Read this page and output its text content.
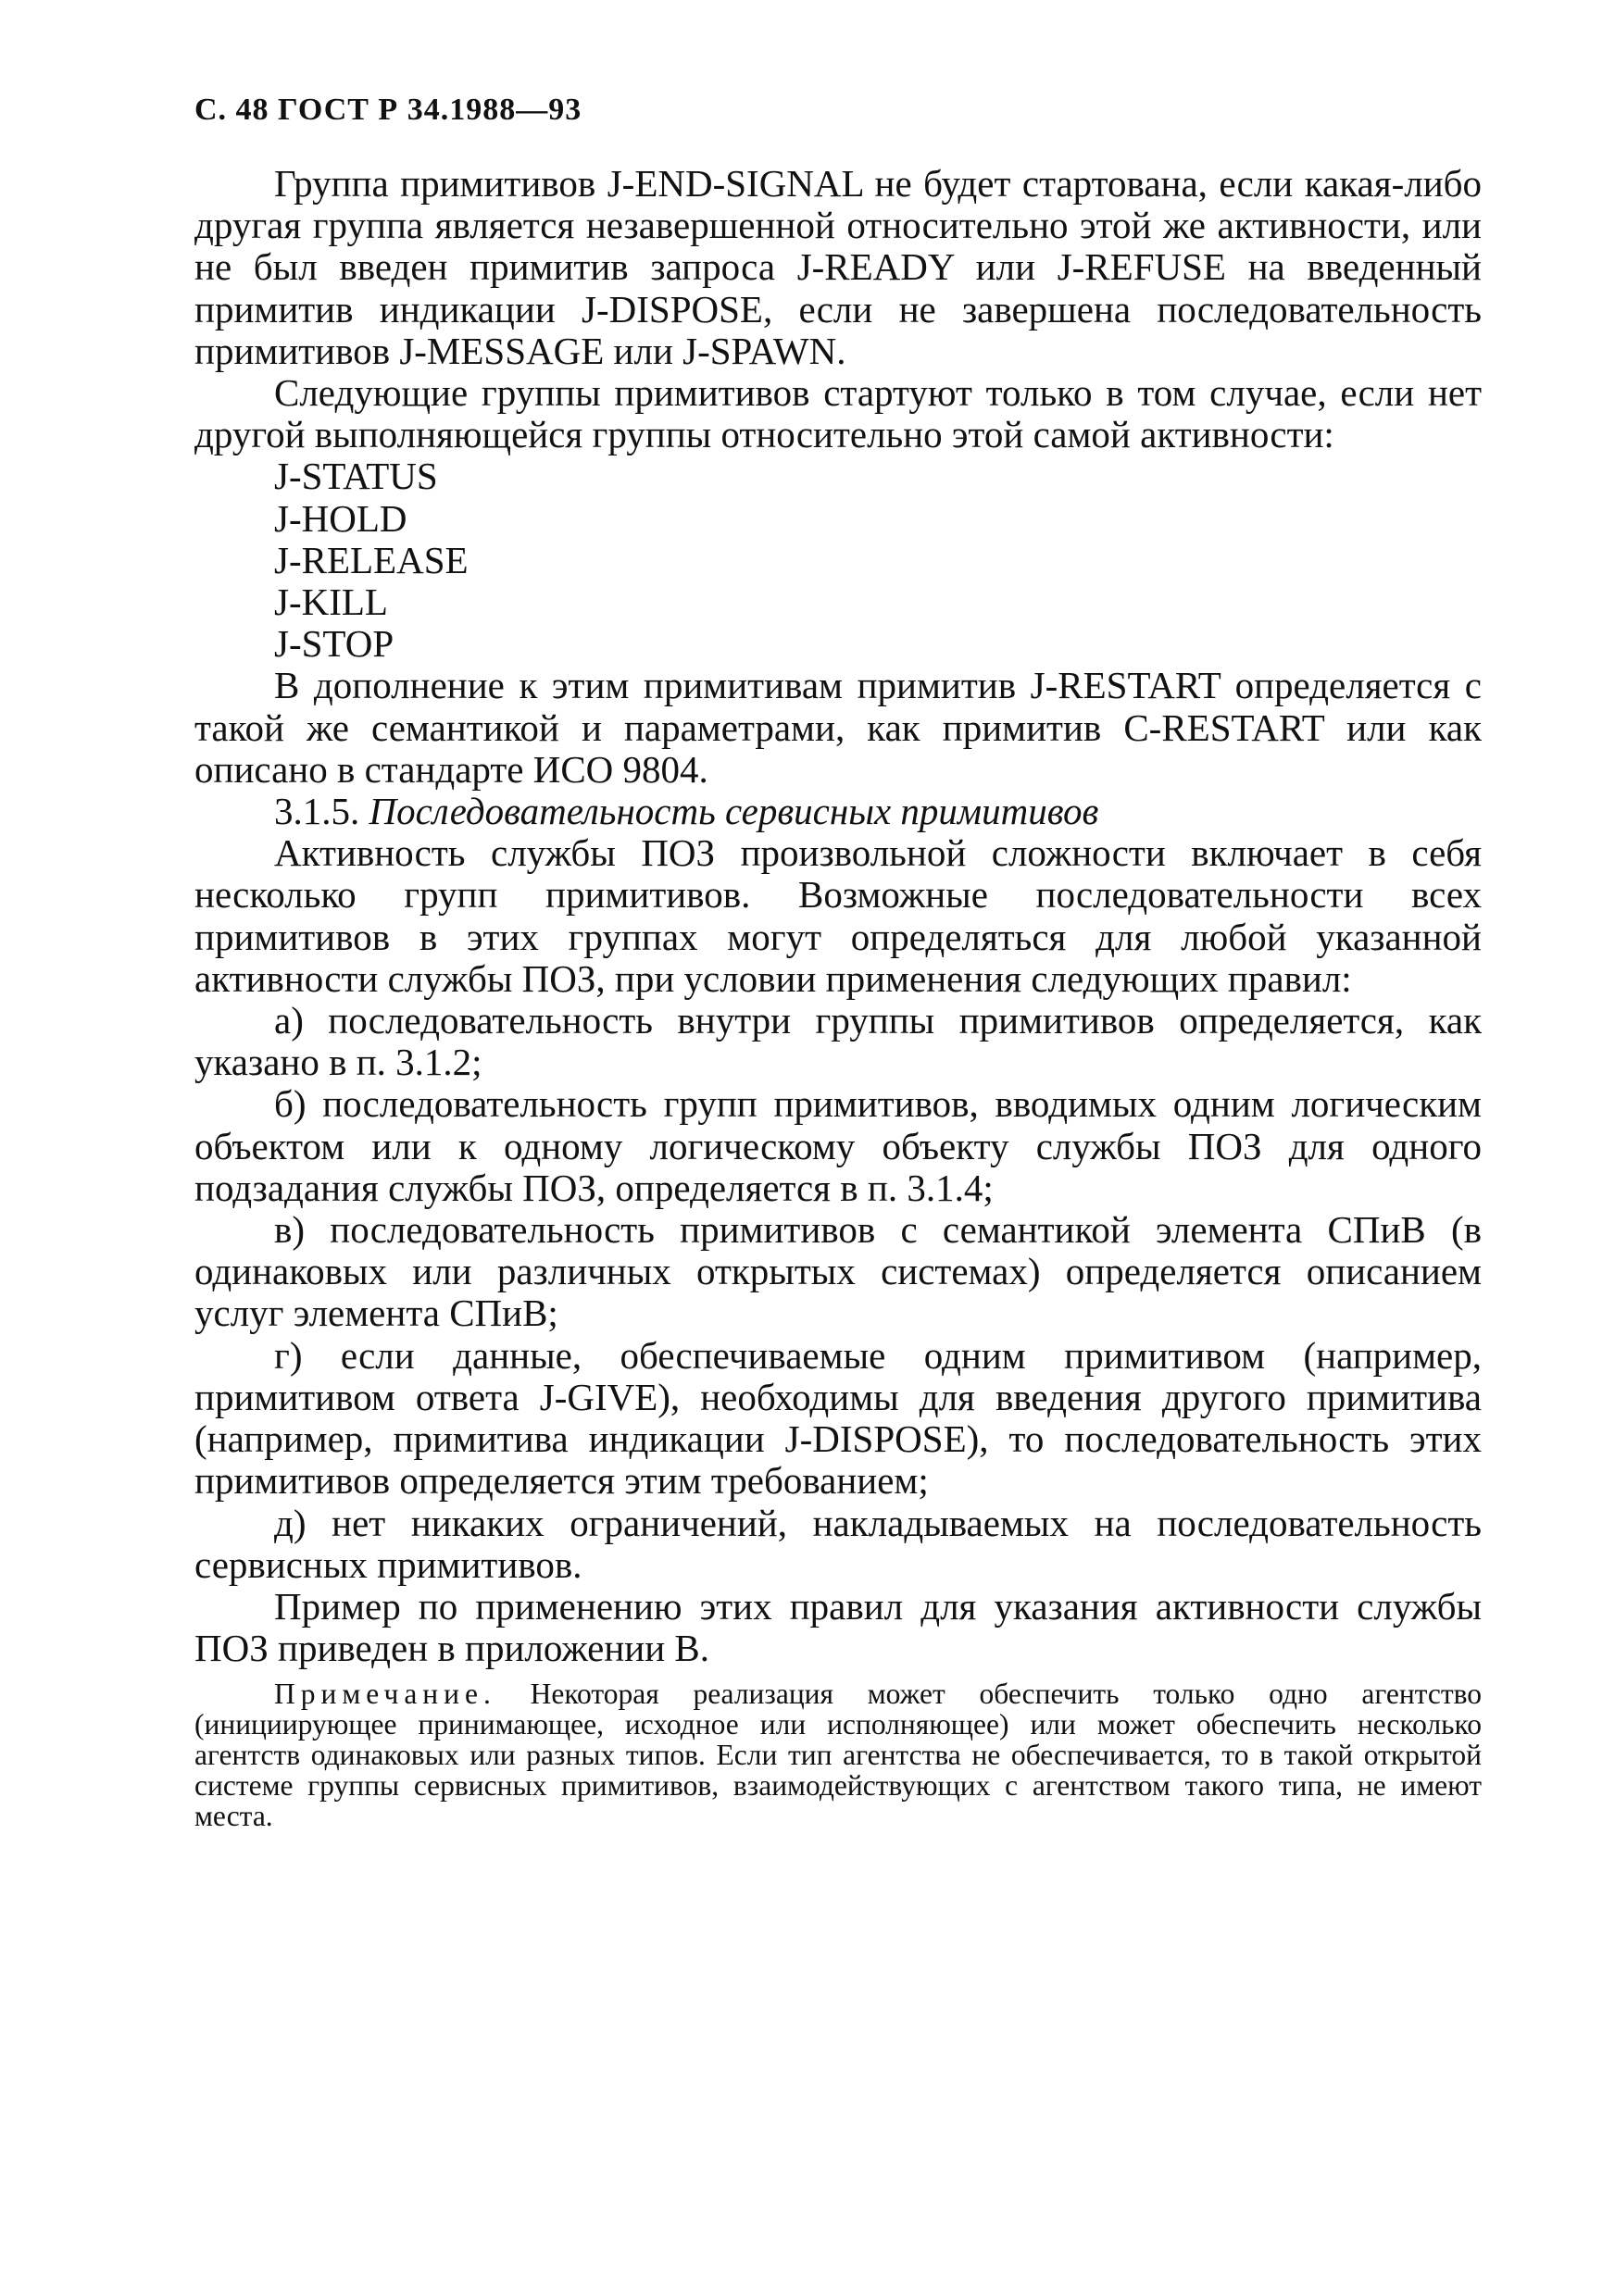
С. 48 ГОСТ Р 34.1988—93

Группа примитивов J-END-SIGNAL не будет стартована, если какая-либо другая группа является незавершенной относительно этой же активности, или не был введен примитив запроса J-READY или J-REFUSE на введенный примитив индикации J-DISPOSE, если не завершена последовательность примитивов J-MESSAGE или J-SPAWN.

Следующие группы примитивов стартуют только в том случае, если нет другой выполняющейся группы относительно этой самой активности:

J-STATUS

J-HOLD

J-RELEASE

J-KILL

J-STOP

В дополнение к этим примитивам примитив J-RESTART определяется с такой же семантикой и параметрами, как примитив C-RESTART или как описано в стандарте ИСО 9804.

3.1.5. Последовательность сервисных примитивов

Активность службы ПОЗ произвольной сложности включает в себя несколько групп примитивов. Возможные последовательности всех примитивов в этих группах могут определяться для любой указанной активности службы ПОЗ, при условии применения следующих правил:

а) последовательность внутри группы примитивов определяется, как указано в п. 3.1.2;

б) последовательность групп примитивов, вводимых одним логическим объектом или к одному логическому объекту службы ПОЗ для одного подзадания службы ПОЗ, определяется в п. 3.1.4;

в) последовательность примитивов с семантикой элемента СПиВ (в одинаковых или различных открытых системах) определяется описанием услуг элемента СПиВ;

г) если данные, обеспечиваемые одним примитивом (например, примитивом ответа J-GIVE), необходимы для введения другого примитива (например, примитива индикации J-DISPOSE), то последовательность этих примитивов определяется этим требованием;

д) нет никаких ограничений, накладываемых на последовательность сервисных примитивов.

Пример по применению этих правил для указания активности службы ПОЗ приведен в приложении В.

Примечание. Некоторая реализация может обеспечить только одно агентство (инициирующее принимающее, исходное или исполняющее) или может обеспечить несколько агентств одинаковых или разных типов. Если тип агентства не обеспечивается, то в такой открытой системе группы сервисных примитивов, взаимодействующих с агентством такого типа, не имеют места.
